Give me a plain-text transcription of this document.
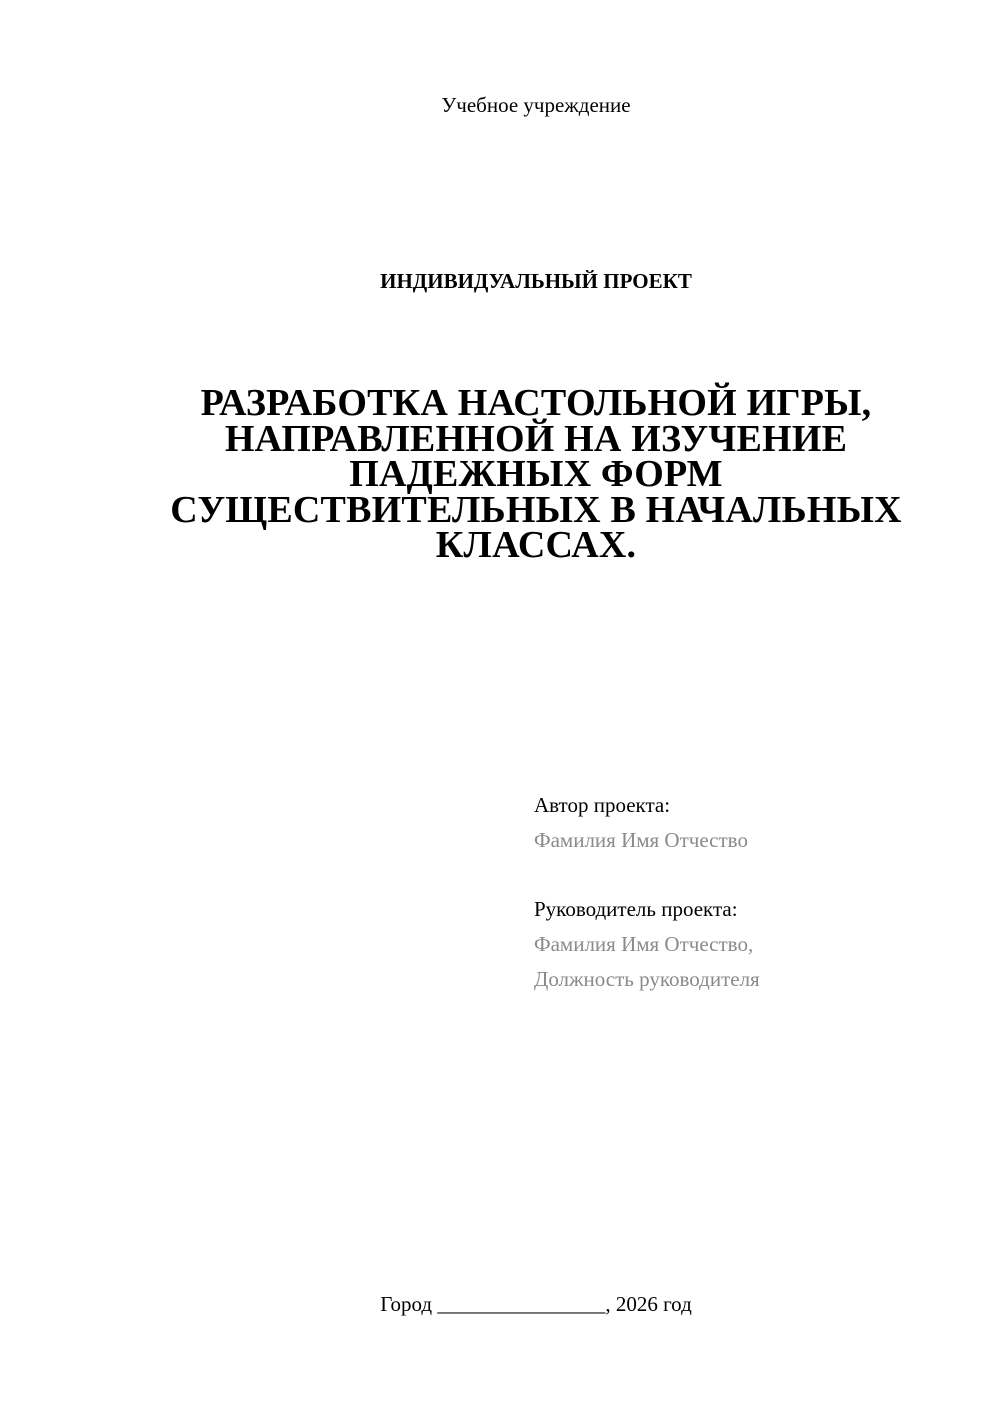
Учебное учреждение
ИНДИВИДУАЛЬНЫЙ ПРОЕКТ
РАЗРАБОТКА НАСТОЛЬНОЙ ИГРЫ,
НАПРАВЛЕННОЙ НА ИЗУЧЕНИЕ
ПАДЕЖНЫХ ФОРМ
СУЩЕСТВИТЕЛЬНЫХ В НАЧАЛЬНЫХ
КЛАССАХ.
Автор проекта:
Фамилия Имя Отчество
Руководитель проекта:
Фамилия Имя Отчество,
Должность руководителя
Город ________________, 2026 год
